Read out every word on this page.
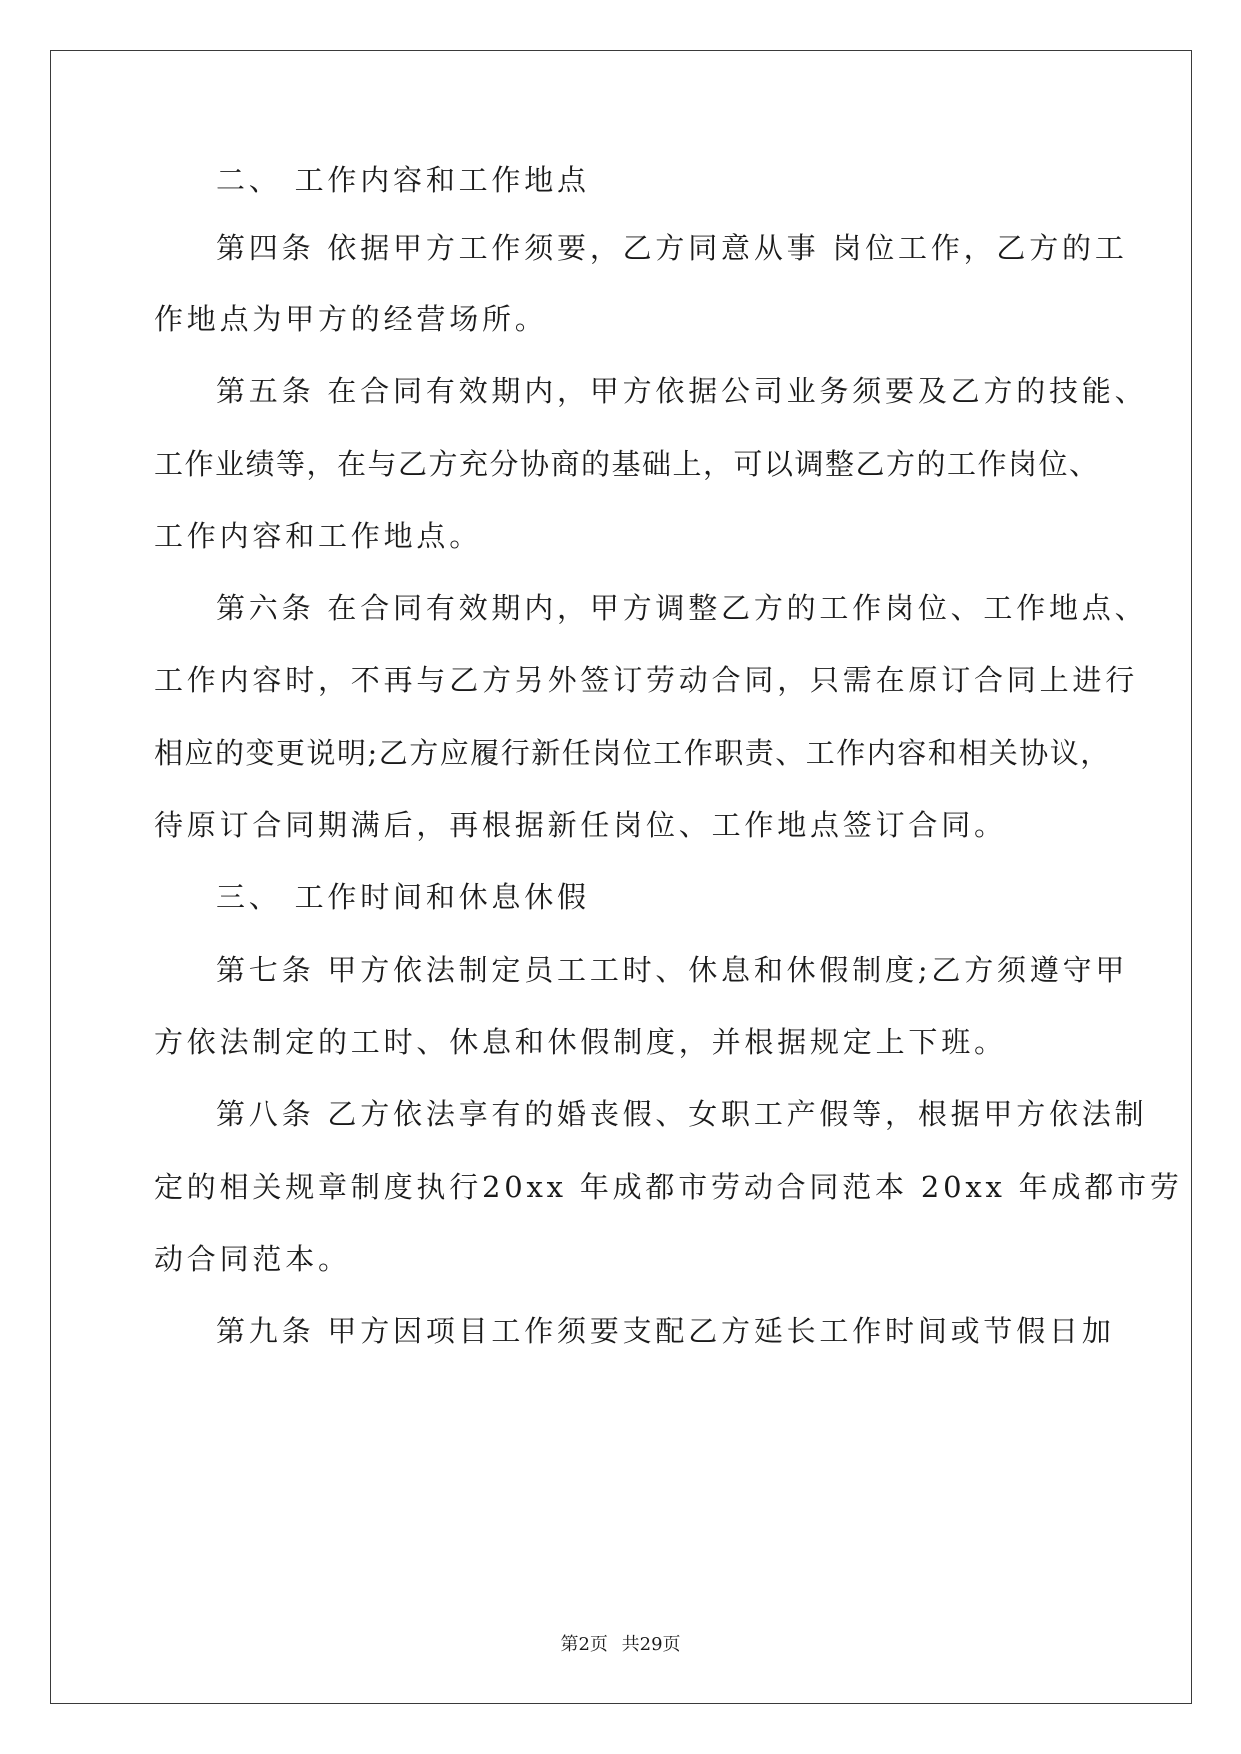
二、 工作内容和工作地点
第四条 依据甲方工作须要，乙方同意从事 岗位工作，乙方的工
作地点为甲方的经营场所。
第五条 在合同有效期内，甲方依据公司业务须要及乙方的技能、
工作业绩等，在与乙方充分协商的基础上，可以调整乙方的工作岗位、
工作内容和工作地点。
第六条 在合同有效期内，甲方调整乙方的工作岗位、工作地点、
工作内容时，不再与乙方另外签订劳动合同，只需在原订合同上进行
相应的变更说明;乙方应履行新任岗位工作职责、工作内容和相关协议，
待原订合同期满后，再根据新任岗位、工作地点签订合同。
三、 工作时间和休息休假
第七条 甲方依法制定员工工时、休息和休假制度;乙方须遵守甲
方依法制定的工时、休息和休假制度，并根据规定上下班。
第八条 乙方依法享有的婚丧假、女职工产假等，根据甲方依法制
定的相关规章制度执行20xx 年成都市劳动合同范本 20xx 年成都市劳
动合同范本。
第九条 甲方因项目工作须要支配乙方延长工作时间或节假日加
第2页 共29页
